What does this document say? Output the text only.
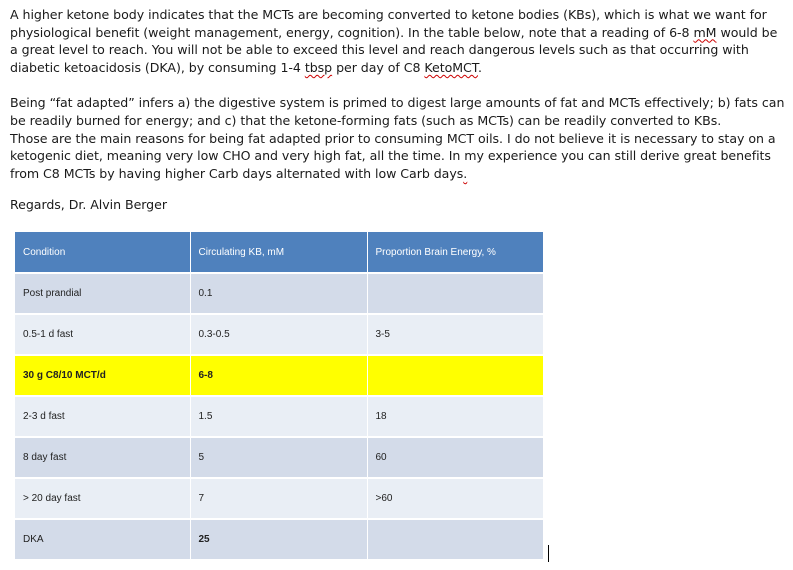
A higher ketone body indicates that the MCTs are becoming converted to ketone bodies (KBs), which is what we want for physiological benefit (weight management, energy, cognition). In the table below, note that a reading of 6-8 mM would be a great level to reach. You will not be able to exceed this level and reach dangerous levels such as that occurring with diabetic ketoacidosis (DKA), by consuming 1-4 tbsp per day of C8 KetoMCT.

Being “fat adapted” infers a) the digestive system is primed to digest large amounts of fat and MCTs effectively; b) fats can be readily burned for energy; and c) that the ketone-forming fats (such as MCTs) can be readily converted to KBs.
Those are the main reasons for being fat adapted prior to consuming MCT oils. I do not believe it is necessary to stay on a ketogenic diet, meaning very low CHO and very high fat, all the time. In my experience you can still derive great benefits from C8 MCTs by having higher Carb days alternated with low Carb days.

Regards, Dr. Alvin Berger

Condition	Circulating KB, mM	Proportion Brain Energy, %
Post prandial	0.1	
0.5-1 d fast	0.3-0.5	3-5
30 g C8/10 MCT/d	6-8	
2-3 d fast	1.5	18
8 day fast	5	60
> 20 day fast	7	>60
DKA	25	
